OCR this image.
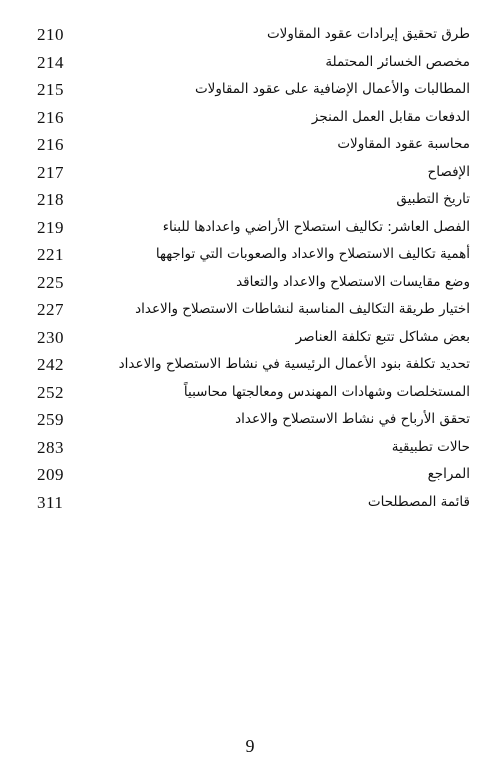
210	طرق تحقيق إيرادات عقود المقاولات
214	مخصص الخسائر المحتملة
215	المطالبات والأعمال الإضافية على عقود المقاولات
216	الدفعات مقابل العمل المنجز
216	محاسبة عقود المقاولات
217	الإفصاح
218	تاريخ التطبيق
219	الفصل العاشر: تكاليف استصلاح الأراضي واعدادها للبناء
221	أهمية تكاليف الاستصلاح والاعداد والصعوبات التي تواجهها
225	وضع مقايسات الاستصلاح والاعداد والتعاقد
227	اختيار طريقة التكاليف المناسبة لنشاطات الاستصلاح والاعداد
230	بعض مشاكل تتبع تكلفة العناصر
242	تحديد تكلفة بنود الأعمال الرئيسية في نشاط الاستصلاح والاعداد
252	المستخلصات وشهادات المهندس ومعالجتها محاسبياً
259	تحقق الأرباح في نشاط الاستصلاح والاعداد
283	حالات تطبيقية
209	المراجع
311	قائمة المصطلحات
9
